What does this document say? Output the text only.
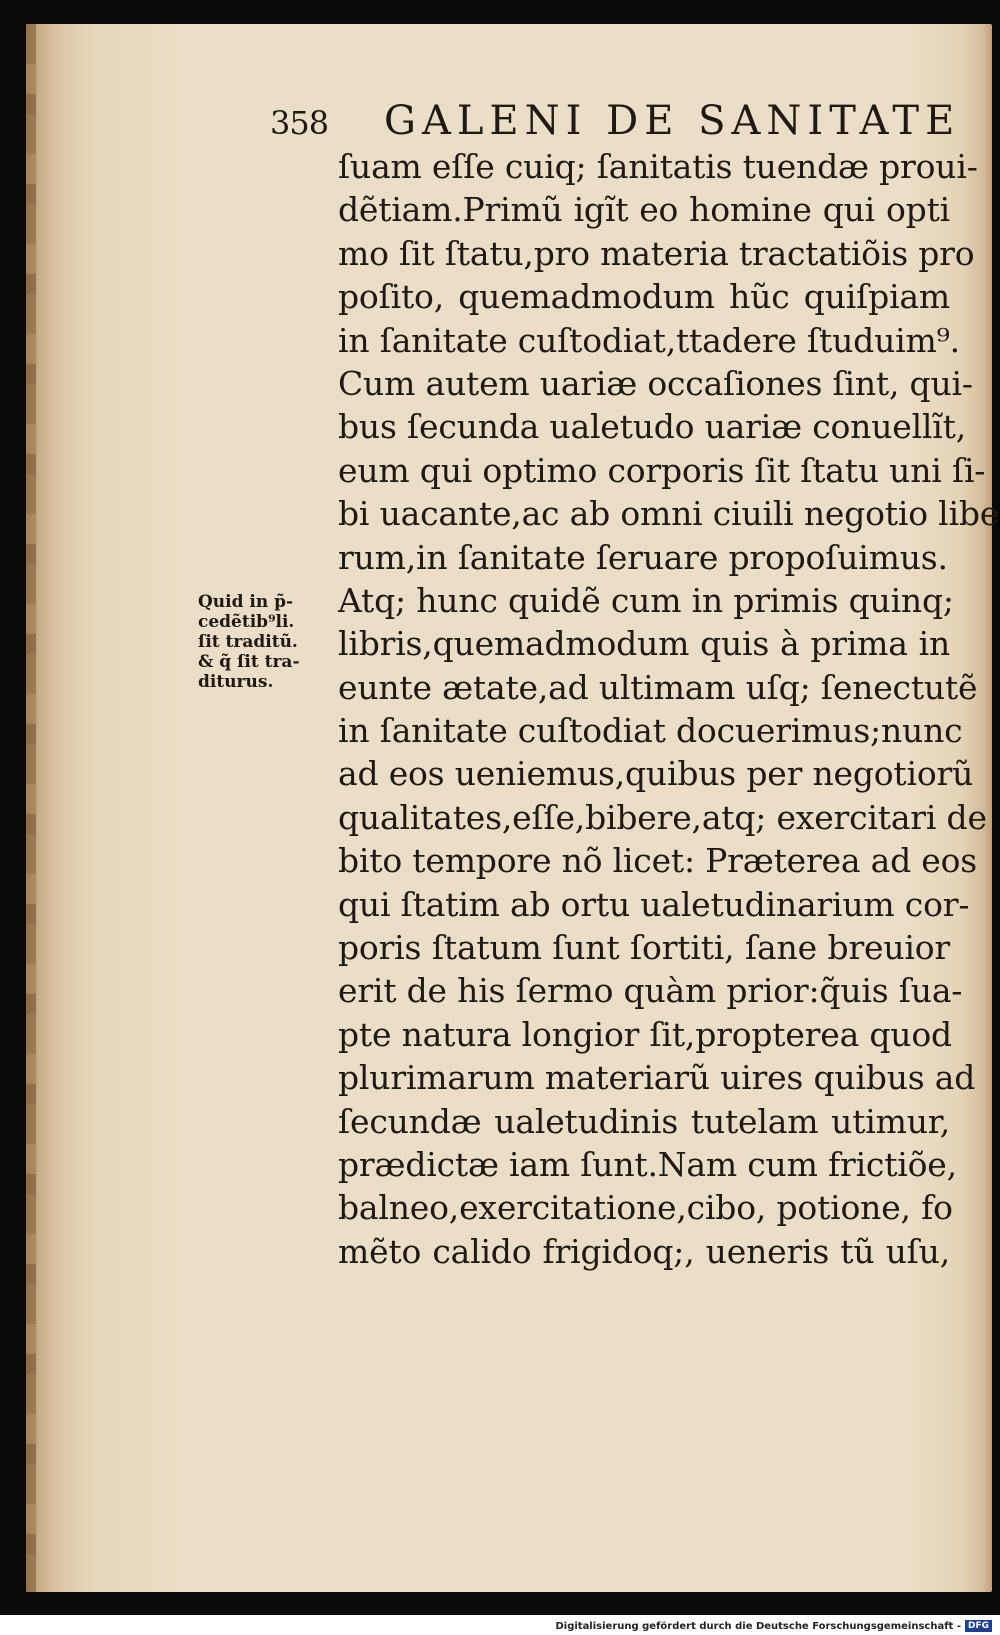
358 GALENI DE SANITATE
Quid in p̃-
cedẽtib⁹li.
ſit traditũ.
& q̃ ſit tra-
diturus.
ſuam eſſe cuiq; ſanitatis tuendæ proui-
dẽtiam.Primũ igĩt eo homine qui opti
mo ſit ſtatu,pro materia tractatiõis pro
poſito, quemadmodum hũc quiſpiam
in ſanitate cuſtodiat,ttadere ſtuduim⁹.
Cum autem uariæ occaſiones ſint, qui-
bus ſecunda ualetudo uariæ conuellĩt,
eum qui optimo corporis ſit ſtatu uni ſi-
bi uacante,ac ab omni ciuili negotio libe
rum,in ſanitate ſeruare propoſuimus.
Atq; hunc quidẽ cum in primis quinq;
libris,quemadmodum quis à prima in
eunte ætate,ad ultimam uſq; ſenectutẽ
in ſanitate cuſtodiat docuerimus;nunc
ad eos ueniemus,quibus per negotiorũ
qualitates,eſſe,bibere,atq; exercitari de
bito tempore nõ licet: Præterea ad eos
qui ſtatim ab ortu ualetudinarium cor-
poris ſtatum ſunt ſortiti, ſane breuior
erit de his ſermo quàm prior:q̃uis ſua-
pte natura longior ſit,propterea quod
plurimarum materiarũ uires quibus ad
ſecundæ ualetudinis tutelam utimur,
prædictæ iam ſunt.Nam cum frictiõe,
balneo,exercitatione,cibo, potione, fo
mẽto calido frigidoq;, ueneris tũ uſu,
Digitalisierung gefördert durch die Deutsche Forschungsgemeinschaft - DFG
